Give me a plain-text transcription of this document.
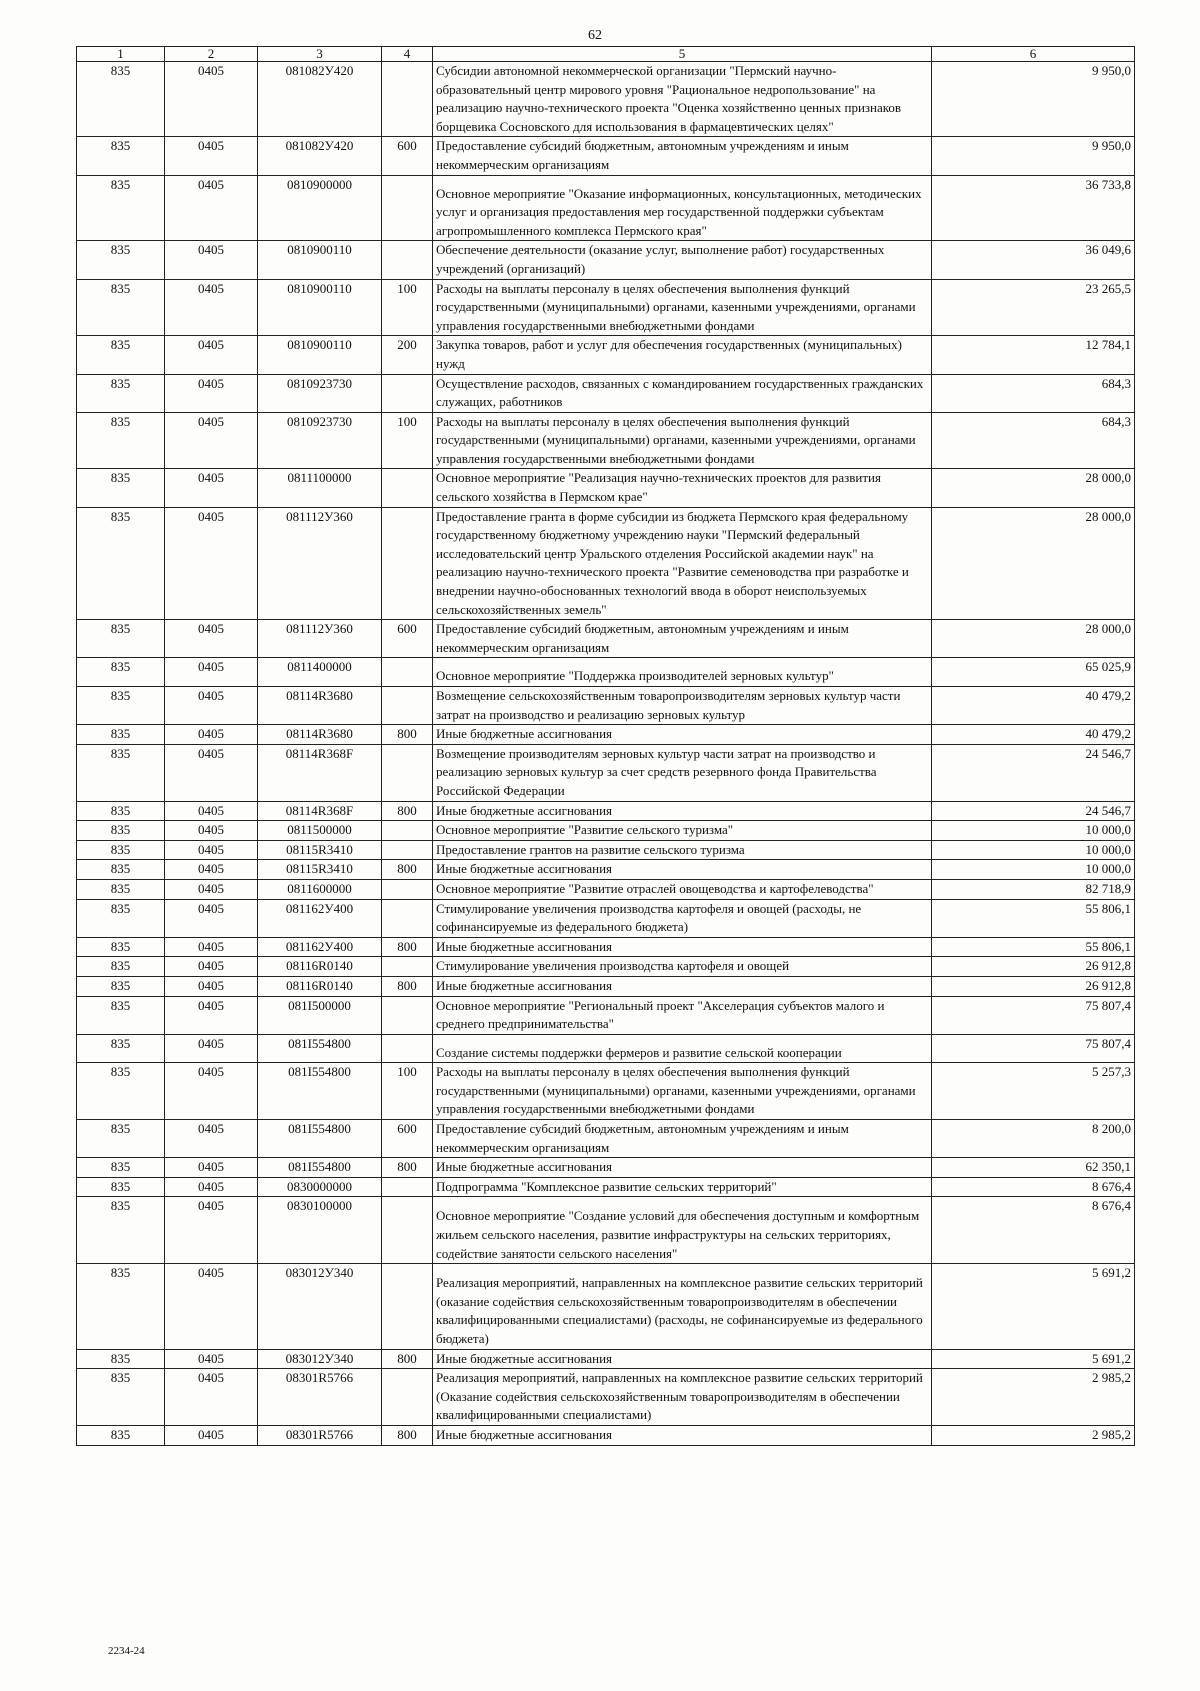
62
1	2	3	4	5	6
835	0405	081082У420		Субсидии автономной некоммерческой организации "Пермский научно-образовательный центр мирового уровня "Рациональное недропользование" на реализацию научно-технического проекта "Оценка хозяйственно ценных признаков борщевика Сосновского для использования в фармацевтических целях"	9 950,0
835	0405	081082У420	600	Предоставление субсидий бюджетным, автономным учреждениям и иным некоммерческим организациям	9 950,0
835	0405	0810900000		Основное мероприятие "Оказание информационных, консультационных, методических услуг и организация предоставления мер государственной поддержки субъектам агропромышленного комплекса Пермского края"	36 733,8
835	0405	0810900110		Обеспечение деятельности (оказание услуг, выполнение работ) государственных учреждений (организаций)	36 049,6
835	0405	0810900110	100	Расходы на выплаты персоналу в целях обеспечения выполнения функций государственными (муниципальными) органами, казенными учреждениями, органами управления государственными внебюджетными фондами	23 265,5
835	0405	0810900110	200	Закупка товаров, работ и услуг для обеспечения государственных (муниципальных) нужд	12 784,1
835	0405	0810923730		Осуществление расходов, связанных с командированием государственных гражданских служащих, работников	684,3
835	0405	0810923730	100	Расходы на выплаты персоналу в целях обеспечения выполнения функций государственными (муниципальными) органами, казенными учреждениями, органами управления государственными внебюджетными фондами	684,3
835	0405	0811100000		Основное мероприятие "Реализация научно-технических проектов для развития сельского хозяйства в Пермском крае"	28 000,0
835	0405	081112У360		Предоставление гранта в форме субсидии из бюджета Пермского края федеральному государственному бюджетному учреждению науки "Пермский федеральный исследовательский центр Уральского отделения Российской академии наук" на реализацию научно-технического проекта "Развитие семеноводства при разработке и внедрении научно-обоснованных технологий ввода в оборот неиспользуемых сельскохозяйственных земель"	28 000,0
835	0405	081112У360	600	Предоставление субсидий бюджетным, автономным учреждениям и иным некоммерческим организациям	28 000,0
835	0405	0811400000		Основное мероприятие "Поддержка производителей зерновых культур"	65 025,9
835	0405	08114R3680		Возмещение сельскохозяйственным товаропроизводителям зерновых культур части затрат на производство и реализацию зерновых культур	40 479,2
835	0405	08114R3680	800	Иные бюджетные ассигнования	40 479,2
835	0405	08114R368F		Возмещение производителям зерновых культур части затрат на производство и реализацию зерновых культур за счет средств резервного фонда Правительства Российской Федерации	24 546,7
835	0405	08114R368F	800	Иные бюджетные ассигнования	24 546,7
835	0405	0811500000		Основное мероприятие "Развитие сельского туризма"	10 000,0
835	0405	08115R3410		Предоставление грантов на развитие сельского туризма	10 000,0
835	0405	08115R3410	800	Иные бюджетные ассигнования	10 000,0
835	0405	0811600000		Основное мероприятие "Развитие отраслей овощеводства и картофелеводства"	82 718,9
835	0405	081162У400		Стимулирование увеличения производства картофеля и овощей (расходы, не софинансируемые из федерального бюджета)	55 806,1
835	0405	081162У400	800	Иные бюджетные ассигнования	55 806,1
835	0405	08116R0140		Стимулирование увеличения производства картофеля и овощей	26 912,8
835	0405	08116R0140	800	Иные бюджетные ассигнования	26 912,8
835	0405	081I500000		Основное мероприятие "Региональный проект "Акселерация субъектов малого и среднего предпринимательства"	75 807,4
835	0405	081I554800		Создание системы поддержки фермеров и развитие сельской кооперации	75 807,4
835	0405	081I554800	100	Расходы на выплаты персоналу в целях обеспечения выполнения функций государственными (муниципальными) органами, казенными учреждениями, органами управления государственными внебюджетными фондами	5 257,3
835	0405	081I554800	600	Предоставление субсидий бюджетным, автономным учреждениям и иным некоммерческим организациям	8 200,0
835	0405	081I554800	800	Иные бюджетные ассигнования	62 350,1
835	0405	0830000000		Подпрограмма "Комплексное развитие сельских территорий"	8 676,4
835	0405	0830100000		Основное мероприятие "Создание условий для обеспечения доступным и комфортным жильем сельского населения, развитие инфраструктуры на сельских территориях, содействие занятости сельского населения"	8 676,4
835	0405	083012У340		Реализация мероприятий, направленных на комплексное развитие сельских территорий (оказание содействия сельскохозяйственным товаропроизводителям в обеспечении квалифицированными специалистами) (расходы, не софинансируемые из федерального бюджета)	5 691,2
835	0405	083012У340	800	Иные бюджетные ассигнования	5 691,2
835	0405	08301R5766		Реализация мероприятий, направленных на комплексное развитие сельских территорий (Оказание содействия сельскохозяйственным товаропроизводителям в обеспечении квалифицированными специалистами)	2 985,2
835	0405	08301R5766	800	Иные бюджетные ассигнования	2 985,2
2234-24
